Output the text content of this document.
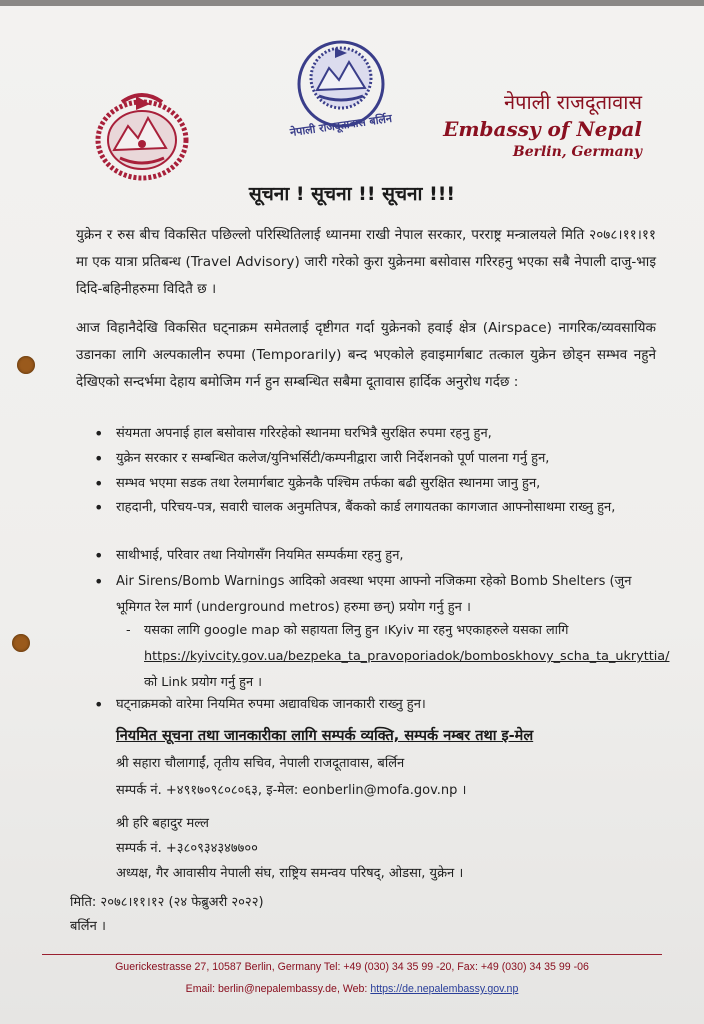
नेपाली राजदूतावास बर्लिन
नेपाली राजदूतावास
Embassy of Nepal
Berlin, Germany
सूचना ! सूचना !! सूचना !!!
युक्रेन र रुस बीच विकसित पछिल्लो परिस्थितिलाई ध्यानमा राखी नेपाल सरकार, परराष्ट्र मन्त्रालयले मिति २०७८।११।११ मा एक यात्रा प्रतिबन्ध (Travel Advisory) जारी गरेको कुरा युक्रेनमा बसोवास गरिरहनु भएका सबै नेपाली दाजु-भाइ दिदि-बहिनीहरुमा विदितै छ ।
आज विहानैदेखि विकसित घट्नाक्रम समेतलाई दृष्टीगत गर्दा युक्रेनको हवाई क्षेत्र (Airspace) नागरिक/व्यवसायिक उडानका लागि अल्पकालीन रुपमा (Temporarily) बन्द भएकोले हवाइमार्गबाट तत्काल युक्रेन छोड्न सम्भव नहुने देखिएको सन्दर्भमा देहाय बमोजिम गर्न हुन सम्बन्धित सबैमा दूतावास हार्दिक अनुरोध गर्दछ :
• संयमता अपनाई हाल बसोवास गरिरहेको स्थानमा घरभित्रै सुरक्षित रुपमा रहनु हुन,
• युक्रेन सरकार र सम्बन्धित कलेज/युनिभर्सिटी/कम्पनीद्वारा जारी निर्देशनको पूर्ण पालना गर्नु हुन,
• सम्भव भएमा सडक तथा रेलमार्गबाट युक्रेनकै पश्चिम तर्फका बढी सुरक्षित स्थानमा जानु हुन,
• राहदानी, परिचय-पत्र, सवारी चालक अनुमतिपत्र, बैंकको कार्ड लगायतका कागजात आफ्नोसाथमा राख्नु हुन,
• साथीभाई, परिवार तथा नियोगसँग नियमित सम्पर्कमा रहनु हुन,
• Air Sirens/Bomb Warnings आदिको अवस्था भएमा आफ्नो नजिकमा रहेको Bomb Shelters (जुन भूमिगत रेल मार्ग (underground metros) हरुमा छन्) प्रयोग गर्नु हुन ।
- यसका लागि google map को सहायता लिनु हुन ।Kyiv मा रहनु भएकाहरुले यसका लागि https://kyivcity.gov.ua/bezpeka_ta_pravoporiadok/bomboskhovy_scha_ta_ukryttia/ को Link प्रयोग गर्नु हुन ।
• घट्नाक्रमको वारेमा नियमित रुपमा अद्यावधिक जानकारी राख्नु हुन।
नियमित सूचना तथा जानकारीका लागि सम्पर्क व्यक्ति, सम्पर्क नम्बर तथा इ-मेल
श्री सहारा चौलागाईं, तृतीय सचिव, नेपाली राजदूतावास, बर्लिन
सम्पर्क नं. +४९१७०९८०८०६३, इ-मेल: eonberlin@mofa.gov.np ।
श्री हरि बहादुर मल्ल
सम्पर्क नं. +३८०९३४३४७७००
अध्यक्ष, गैर आवासीय नेपाली संघ, राष्ट्रिय समन्वय परिषद्, ओडसा, युक्रेन ।
मिति: २०७८।११।१२ (२४ फेब्रुअरी २०२२)
बर्लिन ।
Guerickestrasse 27, 10587 Berlin, Germany Tel: +49 (030) 34 35 99 -20, Fax: +49 (030) 34 35 99 -06
Email: berlin@nepalembassy.de, Web: https://de.nepalembassy.gov.np
